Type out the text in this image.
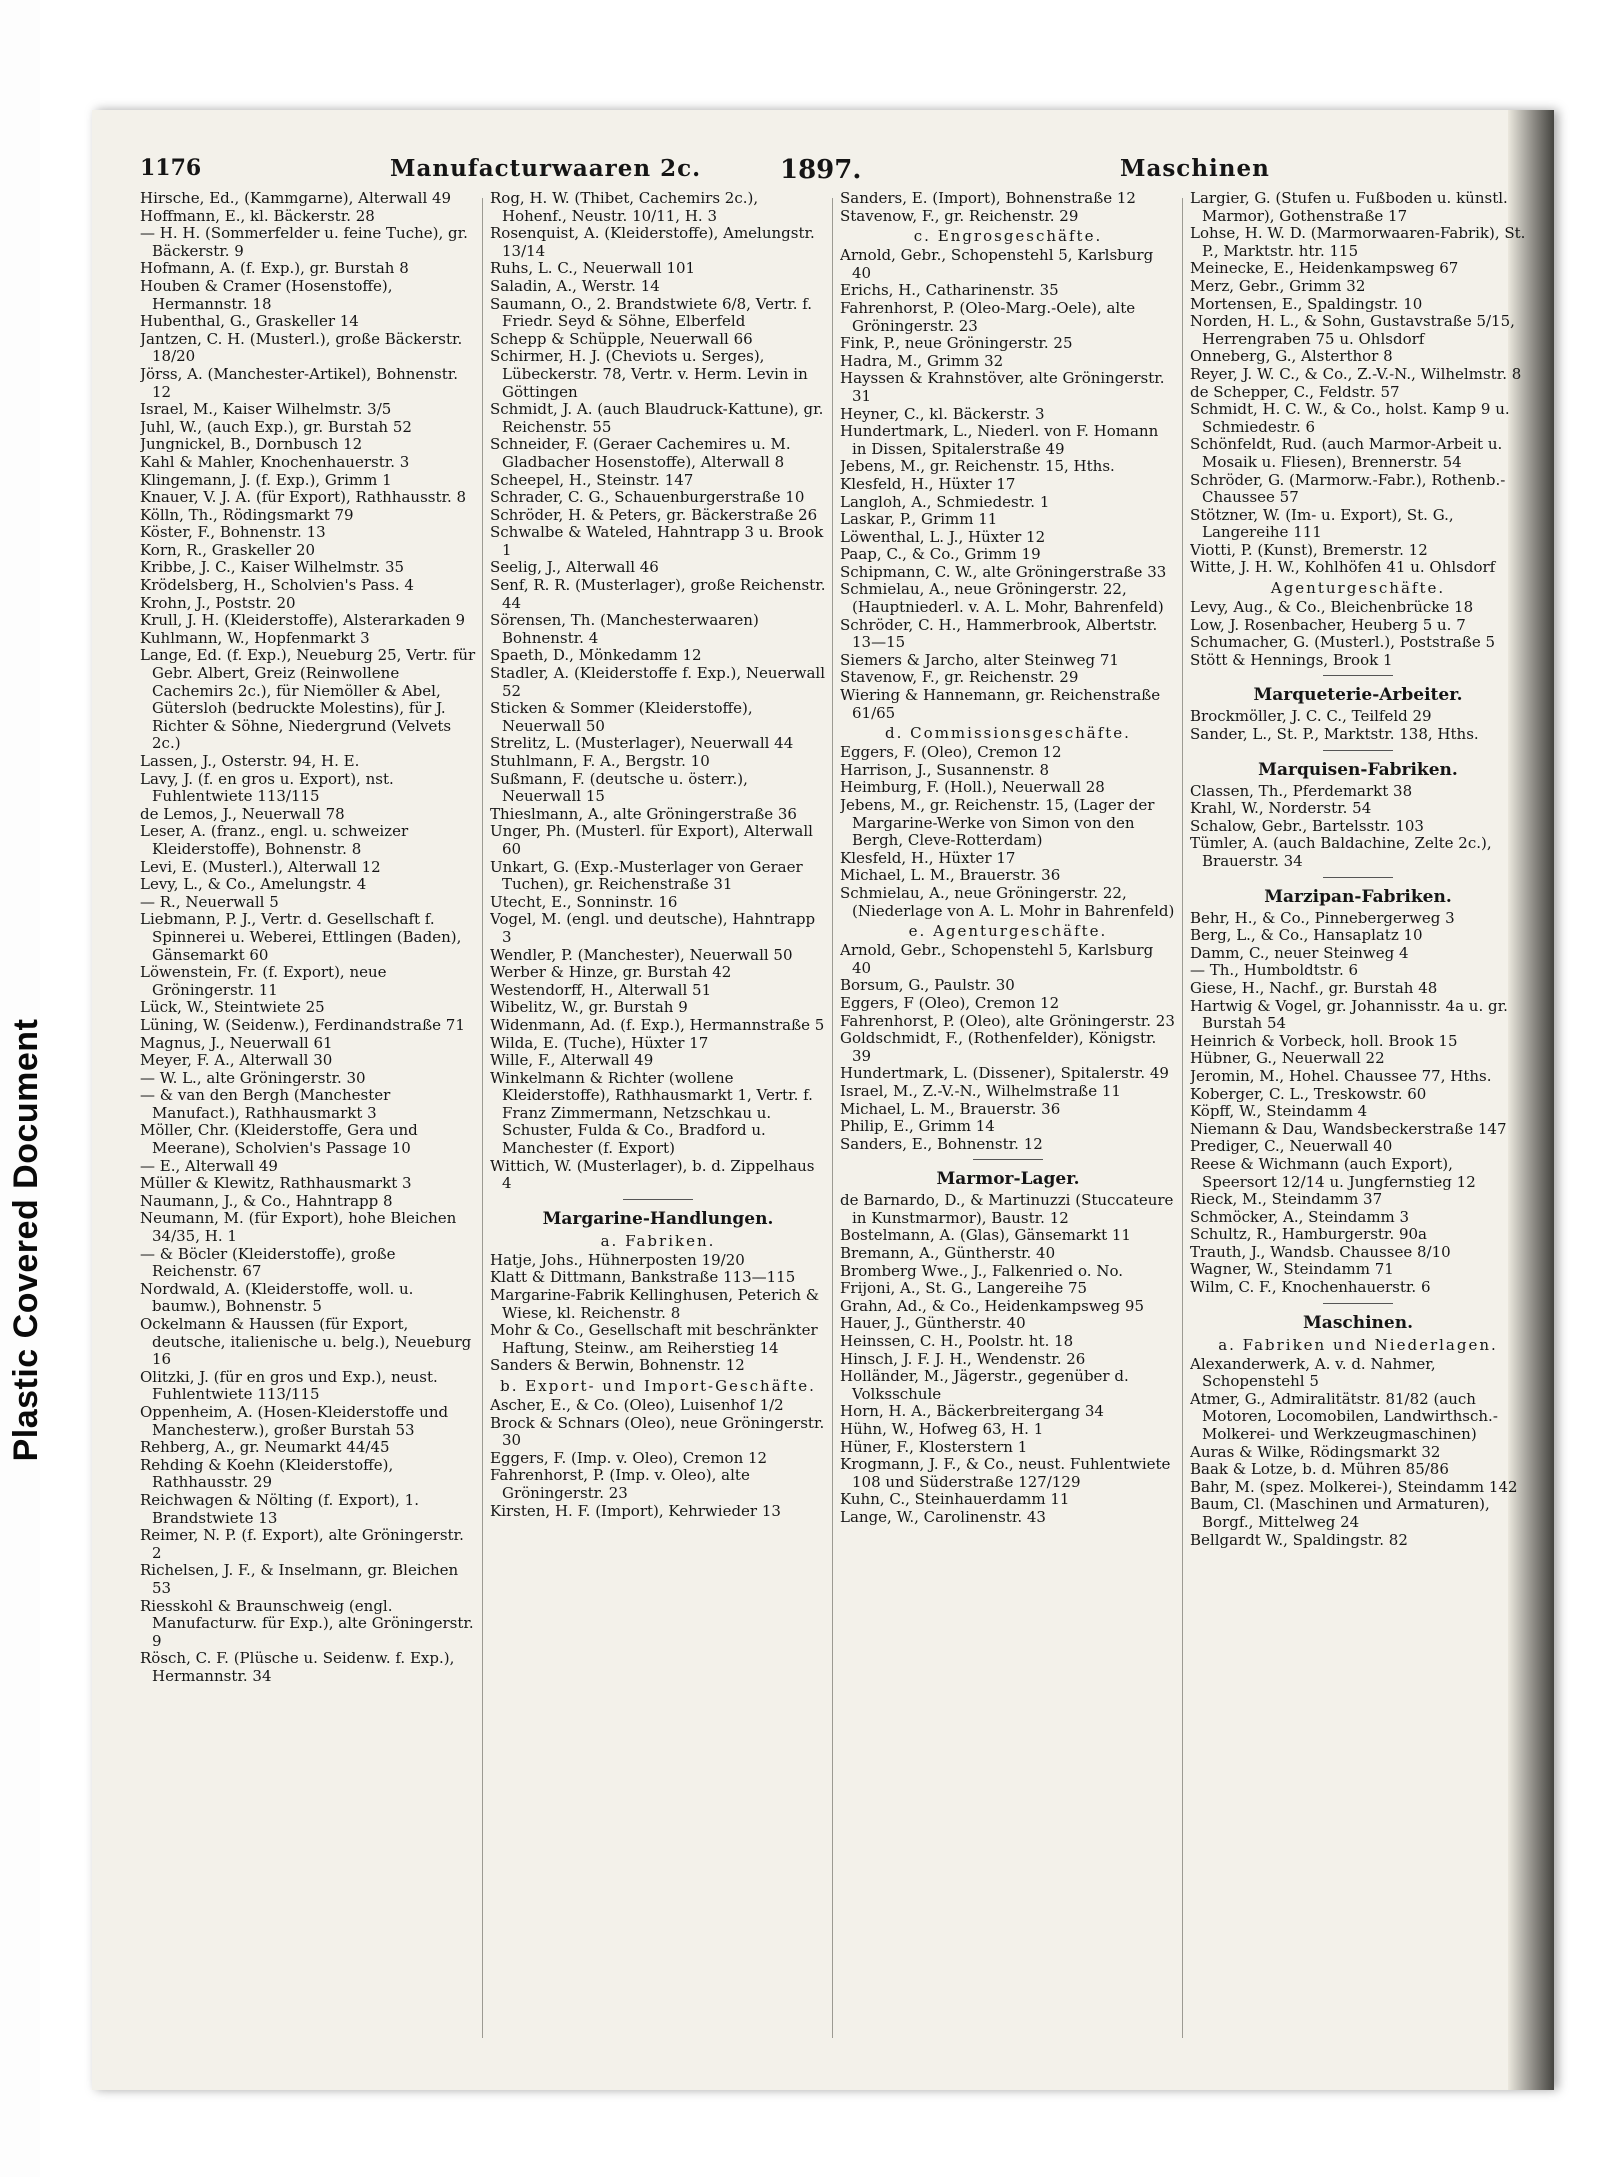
Plastic Covered Document
1176	Manufacturwaaren 2c.	1897.	Maschinen
Hirsche, Ed., (Kammgarne), Alterwall 49
Hoffmann, E., kl. Bäckerstr. 28
— H. H. (Sommerfelder u. feine Tuche), gr. Bäckerstr. 9
Hofmann, A. (f. Exp.), gr. Burstah 8
Houben & Cramer (Hosenstoffe), Hermannstr. 18
Hubenthal, G., Graskeller 14
Jantzen, C. H. (Musterl.), große Bäckerstr. 18/20
Jörss, A. (Manchester-Artikel), Bohnenstr. 12
Israel, M., Kaiser Wilhelmstr. 3/5
Juhl, W., (auch Exp.), gr. Burstah 52
Jungnickel, B., Dornbusch 12
Kahl & Mahler, Knochenhauerstr. 3
Klingemann, J. (f. Exp.), Grimm 1
Knauer, V. J. A. (für Export), Rathhausstr. 8
Kölln, Th., Rödingsmarkt 79
Köster, F., Bohnenstr. 13
Korn, R., Graskeller 20
Kribbe, J. C., Kaiser Wilhelmstr. 35
Krödelsberg, H., Scholvien's Pass. 4
Krohn, J., Poststr. 20
Krull, J. H. (Kleiderstoffe), Alsterarkaden 9
Kuhlmann, W., Hopfenmarkt 3
Lange, Ed. (f. Exp.), Neueburg 25, Vertr. für Gebr. Albert, Greiz (Reinwollene Cachemirs 2c.), für Niemöller & Abel, Gütersloh (bedruckte Molestins), für J. Richter & Söhne, Niedergrund (Velvets 2c.)
Lassen, J., Osterstr. 94, H. E.
Lavy, J. (f. en gros u. Export), nst. Fuhlentwiete 113/115
de Lemos, J., Neuerwall 78
Leser, A. (franz., engl. u. schweizer Kleiderstoffe), Bohnenstr. 8
Levi, E. (Musterl.), Alterwall 12
Levy, L., & Co., Amelungstr. 4
— R., Neuerwall 5
Liebmann, P. J., Vertr. d. Gesellschaft f. Spinnerei u. Weberei, Ettlingen (Baden), Gänsemarkt 60
Löwenstein, Fr. (f. Export), neue Gröningerstr. 11
Lück, W., Steintwiete 25
Lüning, W. (Seidenw.), Ferdinandstraße 71
Magnus, J., Neuerwall 61
Meyer, F. A., Alterwall 30
— W. L., alte Gröningerstr. 30
— & van den Bergh (Manchester Manufact.), Rathhausmarkt 3
Möller, Chr. (Kleiderstoffe, Gera und Meerane), Scholvien's Passage 10
— E., Alterwall 49
Müller & Klewitz, Rathhausmarkt 3
Naumann, J., & Co., Hahntrapp 8
Neumann, M. (für Export), hohe Bleichen 34/35, H. 1
— & Böcler (Kleiderstoffe), große Reichenstr. 67
Nordwald, A. (Kleiderstoffe, woll. u. baumw.), Bohnenstr. 5
Ockelmann & Haussen (für Export, deutsche, italienische u. belg.), Neueburg 16
Olitzki, J. (für en gros und Exp.), neust. Fuhlentwiete 113/115
Oppenheim, A. (Hosen-Kleiderstoffe und Manchesterw.), großer Burstah 53
Rehberg, A., gr. Neumarkt 44/45
Rehding & Koehn (Kleiderstoffe), Rathhausstr. 29
Reichwagen & Nölting (f. Export), 1. Brandstwiete 13
Reimer, N. P. (f. Export), alte Gröningerstr. 2
Richelsen, J. F., & Inselmann, gr. Bleichen 53
Riesskohl & Braunschweig (engl. Manufacturw. für Exp.), alte Gröningerstr. 9
Rösch, C. F. (Plüsche u. Seidenw. f. Exp.), Hermannstr. 34
Rog, H. W. (Thibet, Cachemirs 2c.), Hohenf., Neustr. 10/11, H. 3
Rosenquist, A. (Kleiderstoffe), Amelungstr. 13/14
Ruhs, L. C., Neuerwall 101
Saladin, A., Werstr. 14
Saumann, O., 2. Brandstwiete 6/8, Vertr. f. Friedr. Seyd & Söhne, Elberfeld
Schepp & Schüpple, Neuerwall 66
Schirmer, H. J. (Cheviots u. Serges), Lübeckerstr. 78, Vertr. v. Herm. Levin in Göttingen
Schmidt, J. A. (auch Blaudruck-Kattune), gr. Reichenstr. 55
Schneider, F. (Geraer Cachemires u. M. Gladbacher Hosenstoffe), Alterwall 8
Scheepel, H., Steinstr. 147
Schrader, C. G., Schauenburgerstraße 10
Schröder, H. & Peters, gr. Bäckerstraße 26
Schwalbe & Wateled, Hahntrapp 3 u. Brook 1
Seelig, J., Alterwall 46
Senf, R. R. (Musterlager), große Reichenstr. 44
Sörensen, Th. (Manchesterwaaren) Bohnenstr. 4
Spaeth, D., Mönkedamm 12
Stadler, A. (Kleiderstoffe f. Exp.), Neuerwall 52
Sticken & Sommer (Kleiderstoffe), Neuerwall 50
Strelitz, L. (Musterlager), Neuerwall 44
Stuhlmann, F. A., Bergstr. 10
Sußmann, F. (deutsche u. österr.), Neuerwall 15
Thieslmann, A., alte Gröningerstraße 36
Unger, Ph. (Musterl. für Export), Alterwall 60
Unkart, G. (Exp.-Musterlager von Geraer Tuchen), gr. Reichenstraße 31
Utecht, E., Sonninstr. 16
Vogel, M. (engl. und deutsche), Hahntrapp 3
Wendler, P. (Manchester), Neuerwall 50
Werber & Hinze, gr. Burstah 42
Westendorff, H., Alterwall 51
Wibelitz, W., gr. Burstah 9
Widenmann, Ad. (f. Exp.), Hermannstraße 5
Wilda, E. (Tuche), Hüxter 17
Wille, F., Alterwall 49
Winkelmann & Richter (wollene Kleiderstoffe), Rathhausmarkt 1, Vertr. f. Franz Zimmermann, Netzschkau u. Schuster, Fulda & Co., Bradford u. Manchester (f. Export)
Wittich, W. (Musterlager), b. d. Zippelhaus 4
Margarine-Handlungen.
a. Fabriken.
Hatje, Johs., Hühnerposten 19/20
Klatt & Dittmann, Bankstraße 113—115
Margarine-Fabrik Kellinghusen, Peterich & Wiese, kl. Reichenstr. 8
Mohr & Co., Gesellschaft mit beschränkter Haftung, Steinw., am Reiherstieg 14
Sanders & Berwin, Bohnenstr. 12
b. Export- und Import-Geschäfte.
Ascher, E., & Co. (Oleo), Luisenhof 1/2
Brock & Schnars (Oleo), neue Gröningerstr. 30
Eggers, F. (Imp. v. Oleo), Cremon 12
Fahrenhorst, P. (Imp. v. Oleo), alte Gröningerstr. 23
Kirsten, H. F. (Import), Kehrwieder 13
Sanders, E. (Import), Bohnenstraße 12
Stavenow, F., gr. Reichenstr. 29
c. Engrosgeschäfte.
Arnold, Gebr., Schopenstehl 5, Karlsburg 40
Erichs, H., Catharinenstr. 35
Fahrenhorst, P. (Oleo-Marg.-Oele), alte Gröningerstr. 23
Fink, P., neue Gröningerstr. 25
Hadra, M., Grimm 32
Hayssen & Krahnstöver, alte Gröningerstr. 31
Heyner, C., kl. Bäckerstr. 3
Hundertmark, L., Niederl. von F. Homann in Dissen, Spitalerstraße 49
Jebens, M., gr. Reichenstr. 15, Hths.
Klesfeld, H., Hüxter 17
Langloh, A., Schmiedestr. 1
Laskar, P., Grimm 11
Löwenthal, L. J., Hüxter 12
Paap, C., & Co., Grimm 19
Schipmann, C. W., alte Gröningerstraße 33
Schmielau, A., neue Gröningerstr. 22, (Hauptniederl. v. A. L. Mohr, Bahrenfeld)
Schröder, C. H., Hammerbrook, Albertstr. 13—15
Siemers & Jarcho, alter Steinweg 71
Stavenow, F., gr. Reichenstr. 29
Wiering & Hannemann, gr. Reichenstraße 61/65
d. Commissionsgeschäfte.
Eggers, F. (Oleo), Cremon 12
Harrison, J., Susannenstr. 8
Heimburg, F. (Holl.), Neuerwall 28
Jebens, M., gr. Reichenstr. 15, (Lager der Margarine-Werke von Simon von den Bergh, Cleve-Rotterdam)
Klesfeld, H., Hüxter 17
Michael, L. M., Brauerstr. 36
Schmielau, A., neue Gröningerstr. 22, (Niederlage von A. L. Mohr in Bahrenfeld)
e. Agenturgeschäfte.
Arnold, Gebr., Schopenstehl 5, Karlsburg 40
Borsum, G., Paulstr. 30
Eggers, F (Oleo), Cremon 12
Fahrenhorst, P. (Oleo), alte Gröningerstr. 23
Goldschmidt, F., (Rothenfelder), Königstr. 39
Hundertmark, L. (Dissener), Spitalerstr. 49
Israel, M., Z.-V.-N., Wilhelmstraße 11
Michael, L. M., Brauerstr. 36
Philip, E., Grimm 14
Sanders, E., Bohnenstr. 12
Marmor-Lager.
de Barnardo, D., & Martinuzzi (Stuccateure in Kunstmarmor), Baustr. 12
Bostelmann, A. (Glas), Gänsemarkt 11
Bremann, A., Güntherstr. 40
Bromberg Wwe., J., Falkenried o. No.
Frijoni, A., St. G., Langereihe 75
Grahn, Ad., & Co., Heidenkampsweg 95
Hauer, J., Güntherstr. 40
Heinssen, C. H., Poolstr. ht. 18
Hinsch, J. F. J. H., Wendenstr. 26
Holländer, M., Jägerstr., gegenüber d. Volksschule
Horn, H. A., Bäckerbreitergang 34
Hühn, W., Hofweg 63, H. 1
Hüner, F., Klosterstern 1
Krogmann, J. F., & Co., neust. Fuhlentwiete 108 und Süderstraße 127/129
Kuhn, C., Steinhauerdamm 11
Lange, W., Carolinenstr. 43
Largier, G. (Stufen u. Fußboden u. künstl. Marmor), Gothenstraße 17
Lohse, H. W. D. (Marmorwaaren-Fabrik), St. P., Marktstr. htr. 115
Meinecke, E., Heidenkampsweg 67
Merz, Gebr., Grimm 32
Mortensen, E., Spaldingstr. 10
Norden, H. L., & Sohn, Gustavstraße 5/15, Herrengraben 75 u. Ohlsdorf
Onneberg, G., Alsterthor 8
Reyer, J. W. C., & Co., Z.-V.-N., Wilhelmstr. 8
de Schepper, C., Feldstr. 57
Schmidt, H. C. W., & Co., holst. Kamp 9 u. Schmiedestr. 6
Schönfeldt, Rud. (auch Marmor-Arbeit u. Mosaik u. Fliesen), Brennerstr. 54
Schröder, G. (Marmorw.-Fabr.), Rothenb.-Chaussee 57
Stötzner, W. (Im- u. Export), St. G., Langereihe 111
Viotti, P. (Kunst), Bremerstr. 12
Witte, J. H. W., Kohlhöfen 41 u. Ohlsdorf
Agenturgeschäfte.
Levy, Aug., & Co., Bleichenbrücke 18
Low, J. Rosenbacher, Heuberg 5 u. 7
Schumacher, G. (Musterl.), Poststraße 5
Stött & Hennings, Brook 1
Marqueterie-Arbeiter.
Brockmöller, J. C. C., Teilfeld 29
Sander, L., St. P., Marktstr. 138, Hths.
Marquisen-Fabriken.
Classen, Th., Pferdemarkt 38
Krahl, W., Norderstr. 54
Schalow, Gebr., Bartelsstr. 103
Tümler, A. (auch Baldachine, Zelte 2c.), Brauerstr. 34
Marzipan-Fabriken.
Behr, H., & Co., Pinnebergerweg 3
Berg, L., & Co., Hansaplatz 10
Damm, C., neuer Steinweg 4
— Th., Humboldtstr. 6
Giese, H., Nachf., gr. Burstah 48
Hartwig & Vogel, gr. Johannisstr. 4a u. gr. Burstah 54
Heinrich & Vorbeck, holl. Brook 15
Hübner, G., Neuerwall 22
Jeromin, M., Hohel. Chaussee 77, Hths.
Koberger, C. L., Treskowstr. 60
Köpff, W., Steindamm 4
Niemann & Dau, Wandsbeckerstraße 147
Prediger, C., Neuerwall 40
Reese & Wichmann (auch Export), Speersort 12/14 u. Jungfernstieg 12
Rieck, M., Steindamm 37
Schmöcker, A., Steindamm 3
Schultz, R., Hamburgerstr. 90a
Trauth, J., Wandsb. Chaussee 8/10
Wagner, W., Steindamm 71
Wilm, C. F., Knochenhauerstr. 6
Maschinen.
a. Fabriken und Niederlagen.
Alexanderwerk, A. v. d. Nahmer, Schopenstehl 5
Atmer, G., Admiralitätstr. 81/82 (auch Motoren, Locomobilen, Landwirthsch.-Molkerei- und Werkzeugmaschinen)
Auras & Wilke, Rödingsmarkt 32
Baak & Lotze, b. d. Mühren 85/86
Bahr, M. (spez. Molkerei-), Steindamm 142
Baum, Cl. (Maschinen und Armaturen), Borgf., Mittelweg 24
Bellgardt W., Spaldingstr. 82
